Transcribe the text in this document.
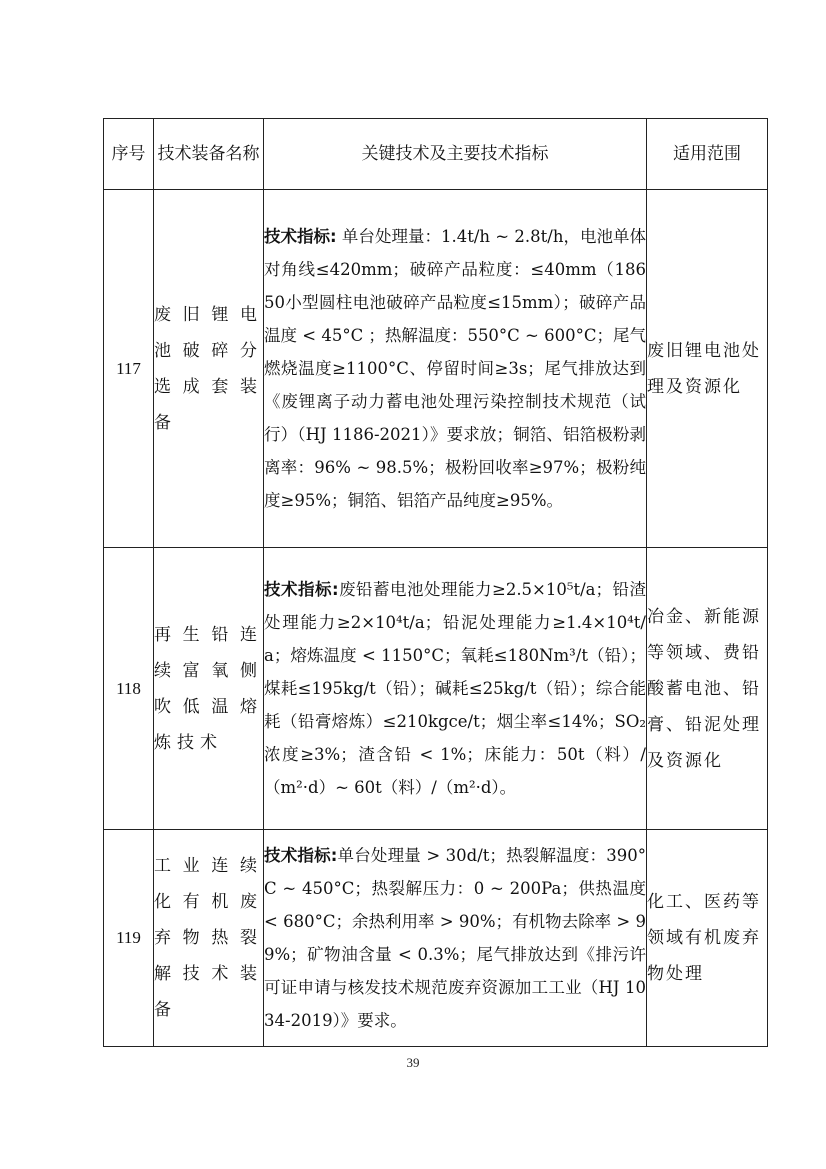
序号	技术装备名称	关键技术及主要技术指标	适用范围
117	废旧锂电池破碎分选成套装备	技术指标: 单台处理量：1.4t/h ~ 2.8t/h，电池单体对角线≤420mm；破碎产品粒度：≤40mm（18650小型圆柱电池破碎产品粒度≤15mm）；破碎产品温度 < 45°C ；热解温度：550°C ~ 600°C；尾气燃烧温度≥1100°C、停留时间≥3s；尾气排放达到《废锂离子动力蓄电池处理污染控制技术规范（试行）（HJ 1186-2021）》要求放；铜箔、铝箔极粉剥离率：96% ~ 98.5%；极粉回收率≥97%；极粉纯度≥95%；铜箔、铝箔产品纯度≥95%。	废旧锂电池处理及资源化
118	再生铅连续富氧侧吹低温熔炼技术	技术指标:废铅蓄电池处理能力≥2.5×10⁵t/a；铅渣处理能力≥2×10⁴t/a；铅泥处理能力≥1.4×10⁴t/a；熔炼温度 < 1150°C；氧耗≤180Nm³/t（铅）；煤耗≤195kg/t（铅）；碱耗≤25kg/t（铅）；综合能耗（铅膏熔炼）≤210kgce/t；烟尘率≤14%；SO₂浓度≥3%；渣含铅 < 1%；床能力：50t（料）/（m²·d）~ 60t（料）/（m²·d）。	冶金、新能源等领域、费铅酸蓄电池、铅膏、铅泥处理及资源化
119	工业连续化有机废弃物热裂解技术装备	技术指标:单台处理量 > 30d/t；热裂解温度：390°C ~ 450°C；热裂解压力：0 ~ 200Pa；供热温度 < 680°C；余热利用率 > 90%；有机物去除率 > 99%；矿物油含量 < 0.3%；尾气排放达到《排污许可证申请与核发技术规范废弃资源加工工业（HJ 1034-2019）》要求。	化工、医药等领域有机废弃物处理
39
